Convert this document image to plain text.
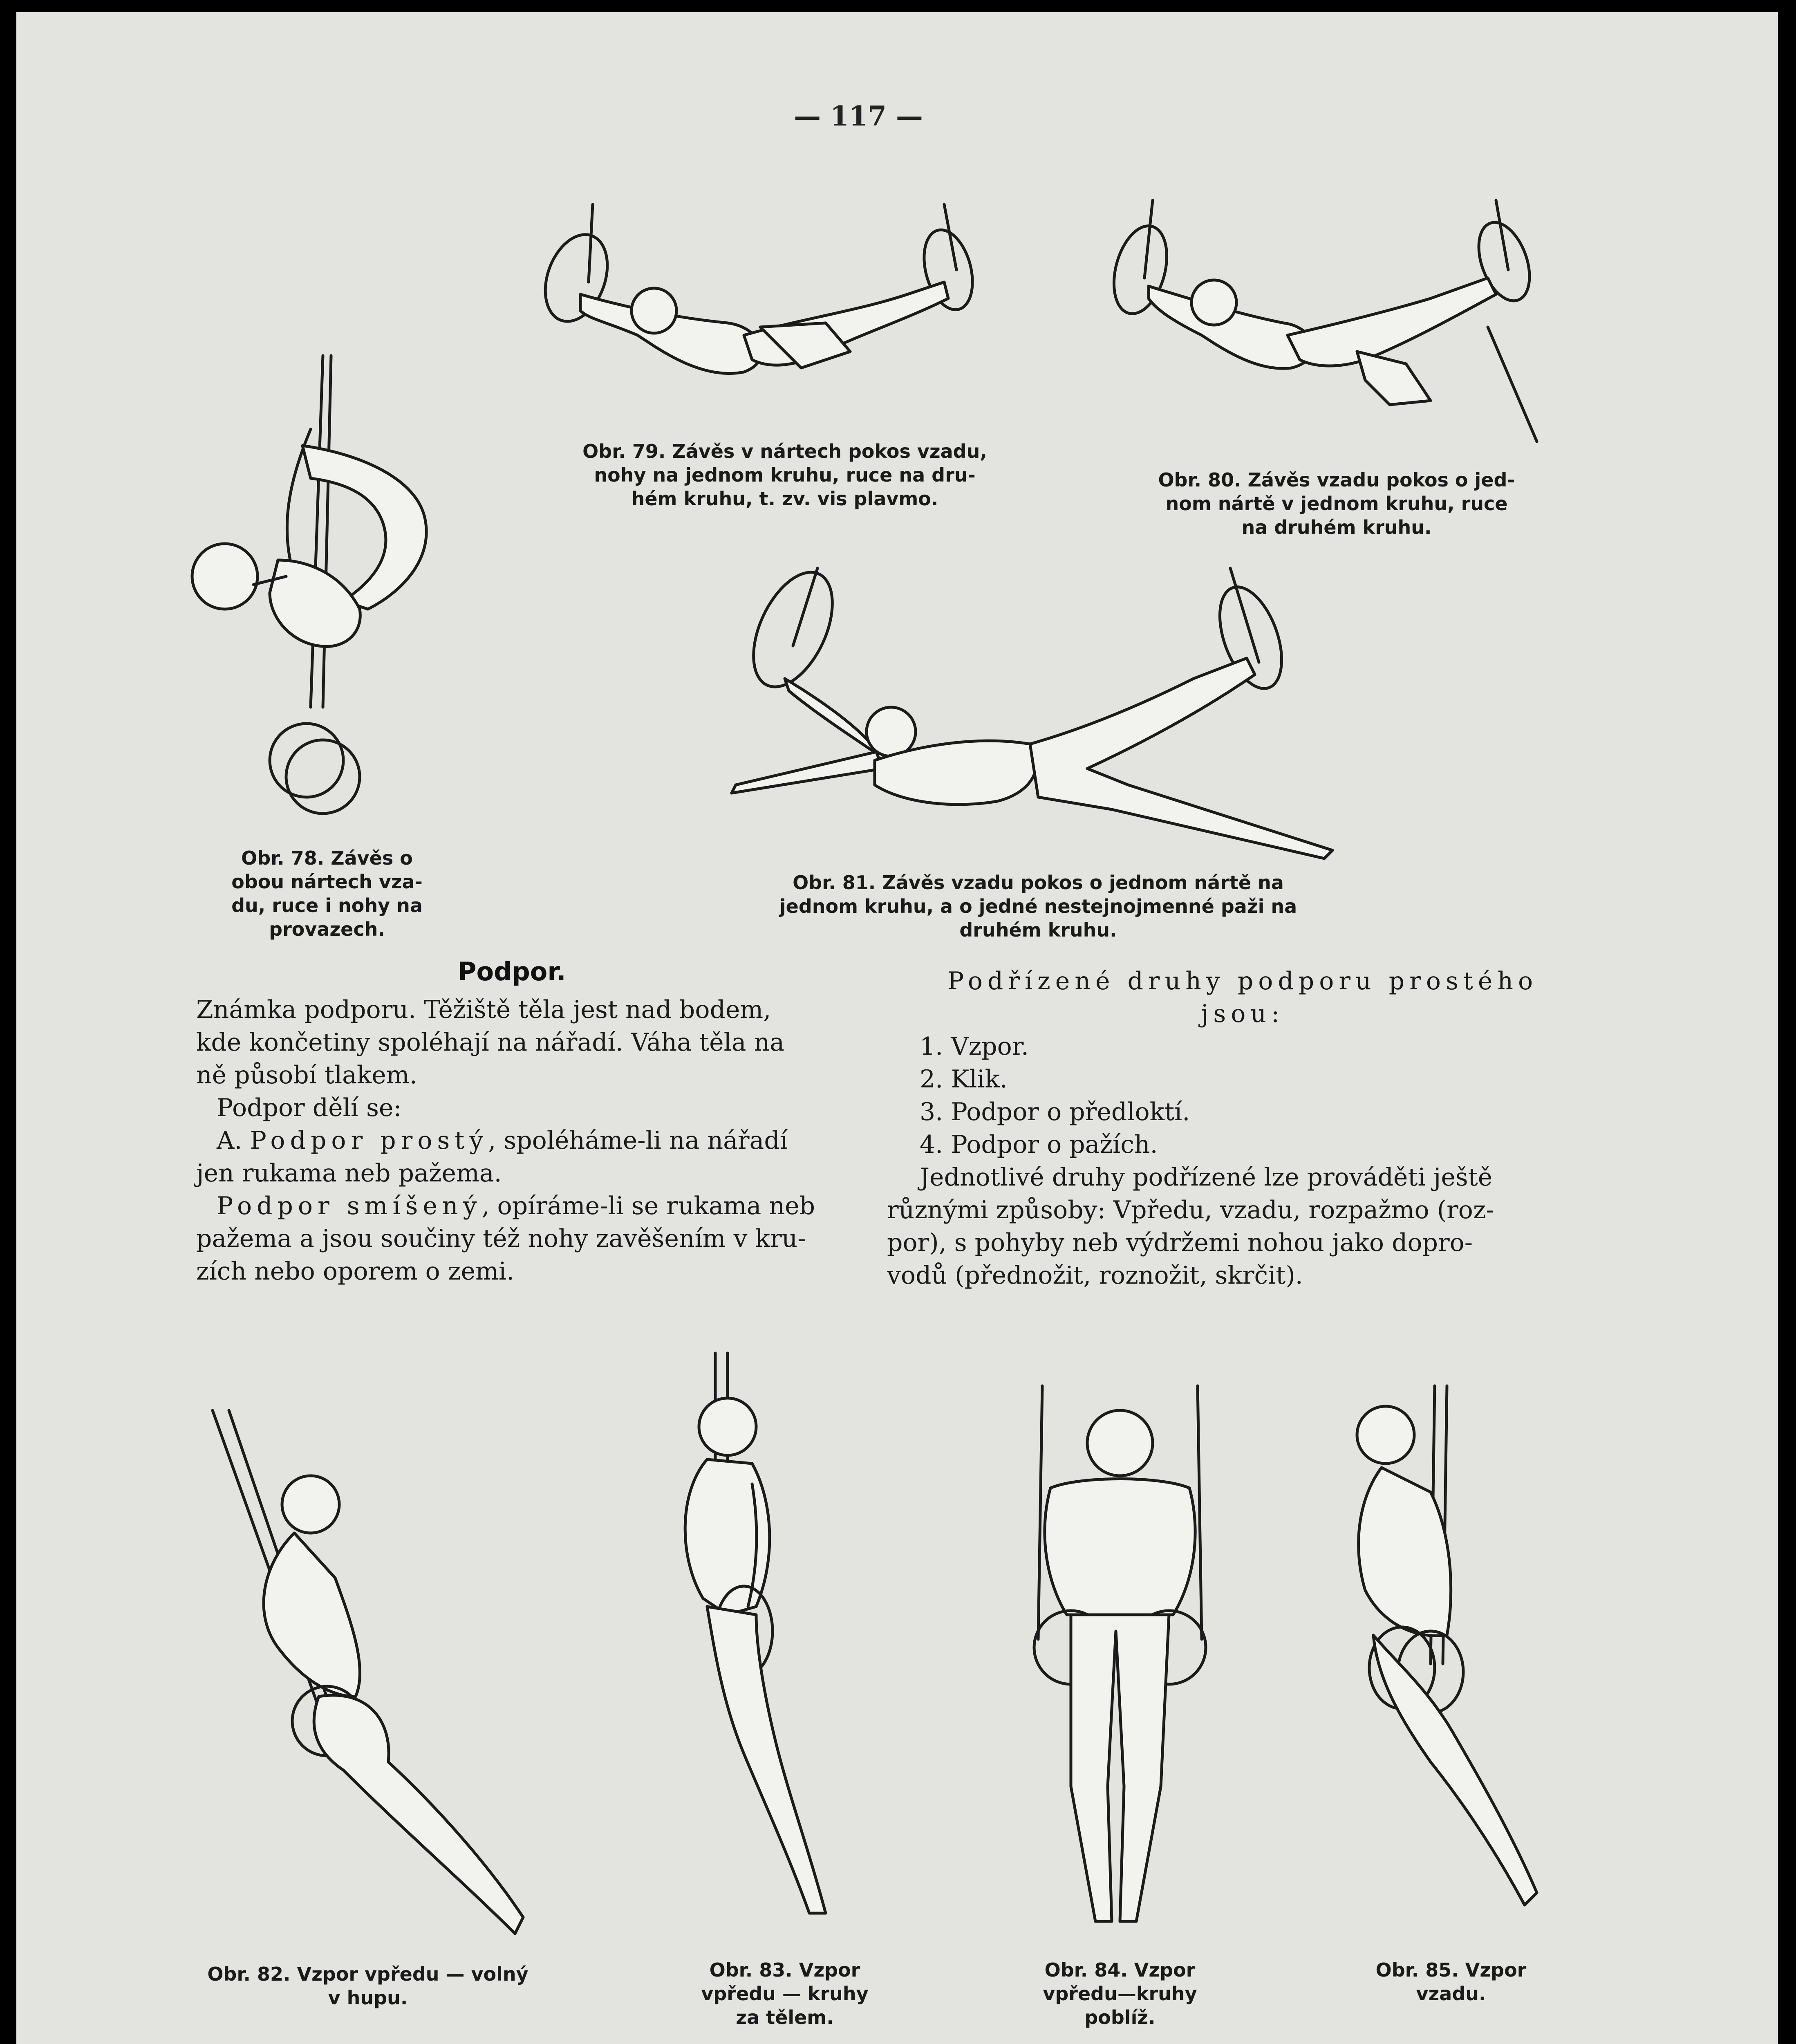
— 117 —
Obr. 78. Závěs o
obou nártech vza-
du, ruce i nohy na
provazech.
Obr. 79. Závěs v nártech pokos vzadu,
nohy na jednom kruhu, ruce na dru-
hém kruhu, t. zv. vis plavmo.
Obr. 80. Závěs vzadu pokos o jed-
nom nártě v jednom kruhu, ruce
na druhém kruhu.
Obr. 81. Závěs vzadu pokos o jednom nártě na
jednom kruhu, a o jedné nestejnojmenné paži na
druhém kruhu.
Podpor.

Známka podporu. Těžiště těla jest nad bodem,

kde končetiny spoléhají na nářadí. Váha těla na

ně působí tlakem.

Podpor dělí se:

A. Podpor prostý, spoléháme-li na nářadí

jen rukama neb pažema.

Podpor smíšený, opíráme-li se rukama neb

pažema a jsou součiny též nohy zavěšením v kru-

zích nebo oporem o zemi.

Podřízené druhy podporu prostého

jsou:

1. Vzpor.

2. Klik.

3. Podpor o předloktí.

4. Podpor o pažích.

Jednotlivé druhy podřízené lze prováděti ještě

různými způsoby: Vpředu, vzadu, rozpažmo (roz-

por), s pohyby neb výdržemi nohou jako dopro-

vodů (přednožit, roznožit, skrčit).

Obr. 82. Vzpor vpředu — volný
v hupu.
Obr. 83. Vzpor
vpředu — kruhy
za tělem.
Obr. 84. Vzpor
vpředu—kruhy
poblíž.
Obr. 85. Vzpor
vzadu.
